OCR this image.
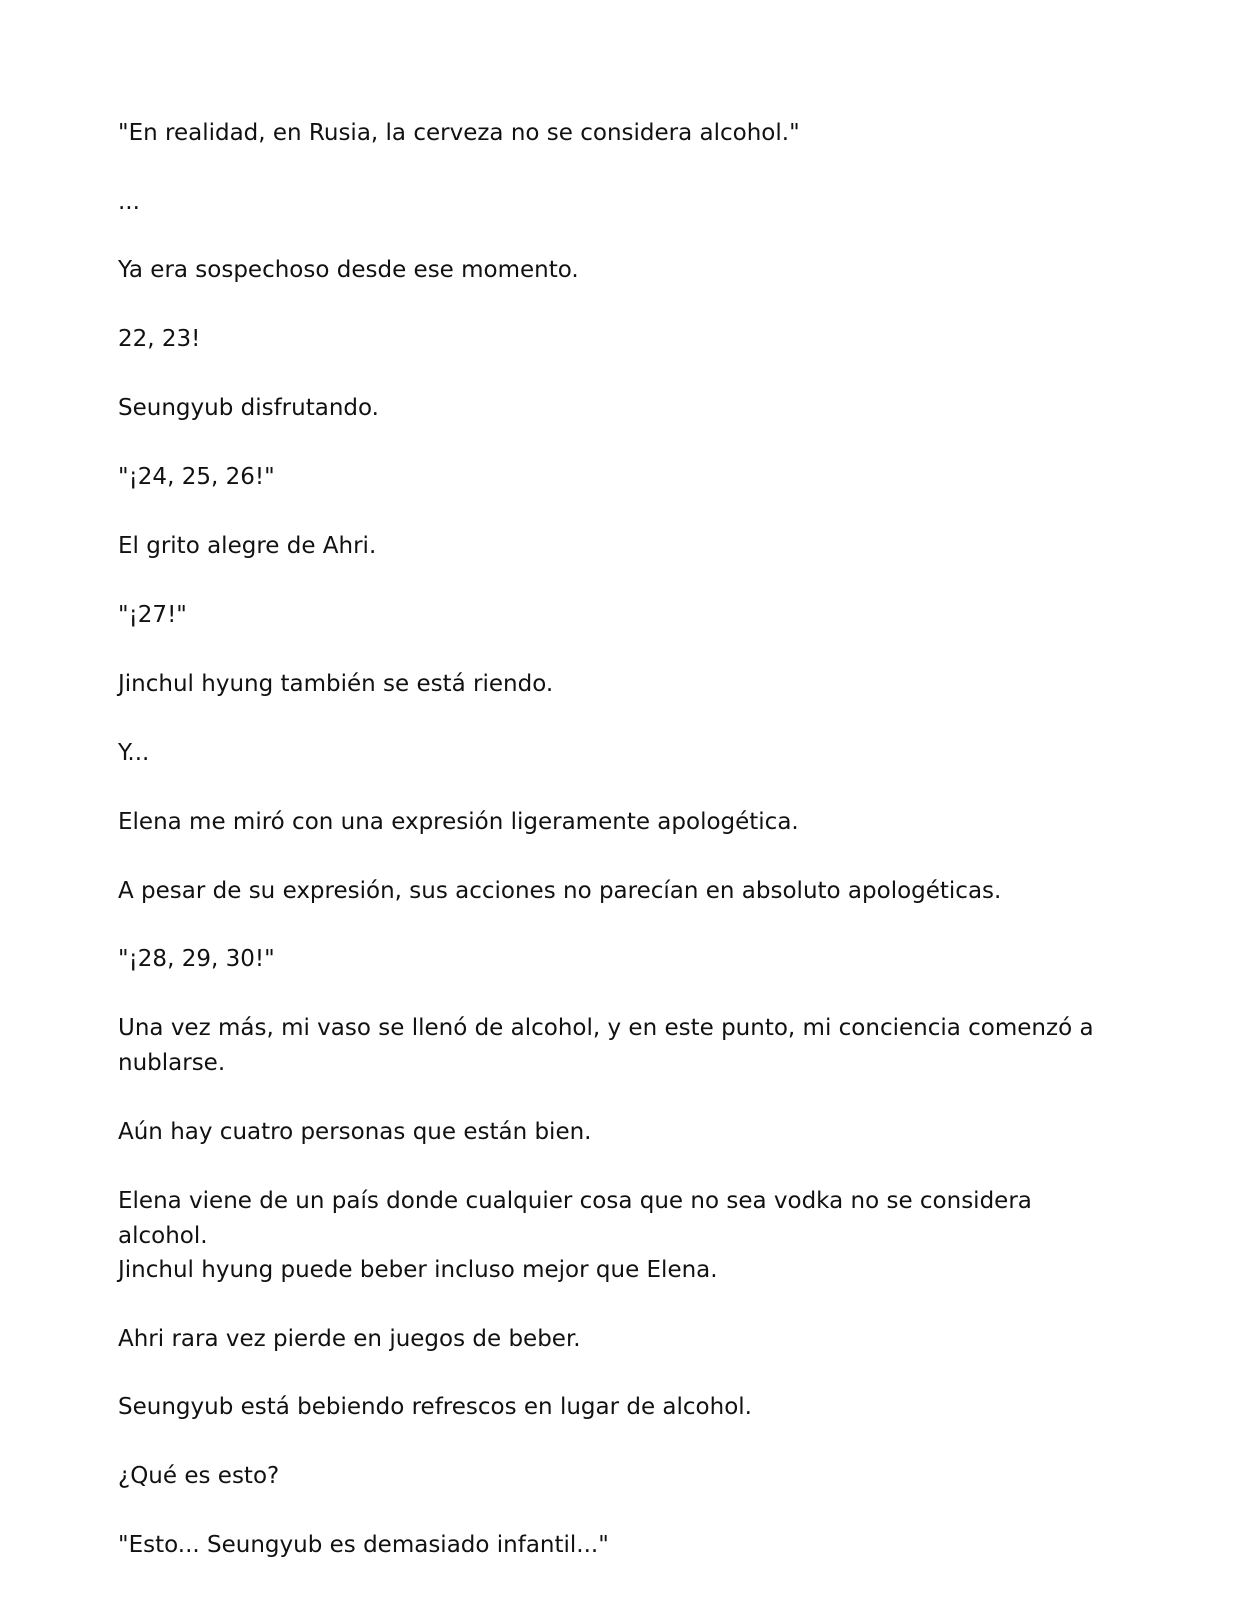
"En realidad, en Rusia, la cerveza no se considera alcohol."

...

Ya era sospechoso desde ese momento.

22, 23!

Seungyub disfrutando.

"¡24, 25, 26!"

El grito alegre de Ahri.

"¡27!"

Jinchul hyung también se está riendo.

Y...

Elena me miró con una expresión ligeramente apologética.

A pesar de su expresión, sus acciones no parecían en absoluto apologéticas.

"¡28, 29, 30!"

Una vez más, mi vaso se llenó de alcohol, y en este punto, mi conciencia comenzó a nublarse.

Aún hay cuatro personas que están bien.

Elena viene de un país donde cualquier cosa que no sea vodka no se considera alcohol.

Jinchul hyung puede beber incluso mejor que Elena.

Ahri rara vez pierde en juegos de beber.

Seungyub está bebiendo refrescos en lugar de alcohol.

¿Qué es esto?

"Esto... Seungyub es demasiado infantil..."
